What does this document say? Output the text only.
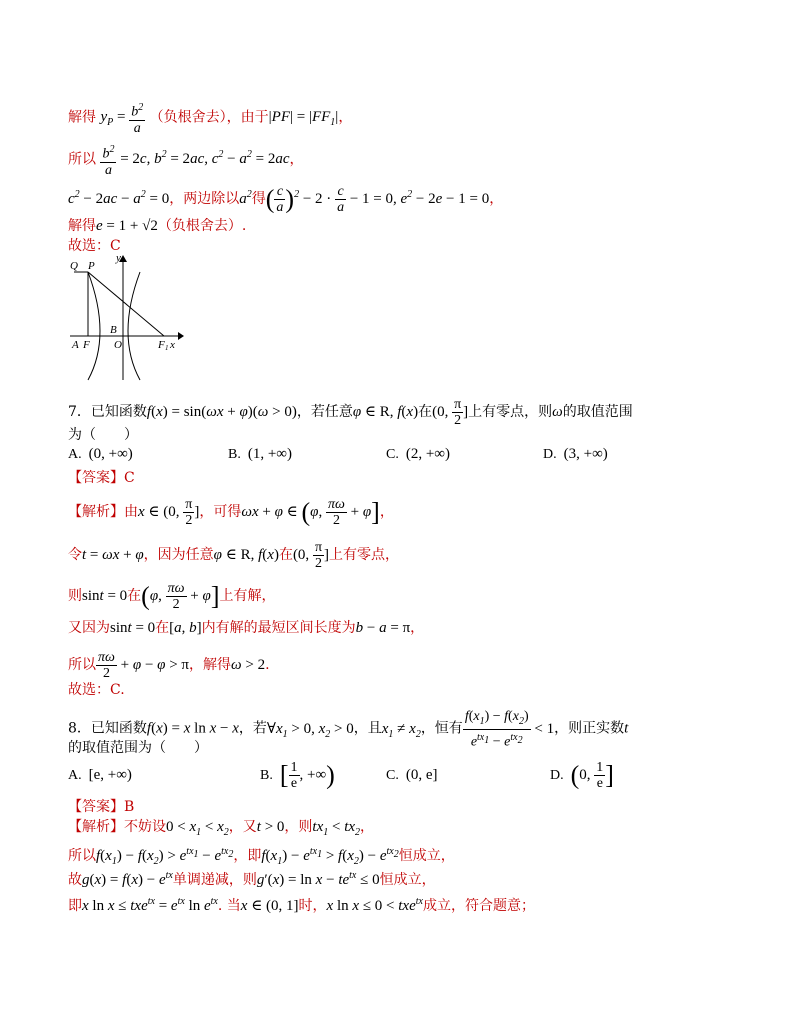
解得 $y_P = \frac{b^2}{a}$ （负根舍去），由于$|PF| = |FF_1|$，
所以 $\frac{b^2}{a} = 2c$, $b^2 = 2ac$, $c^2 - a^2 = 2ac$，
$c^2 - 2ac - a^2 = 0$，两边除以$a^2$得( $\frac{c}{a} )^2 - 2 \cdot \frac{c}{a} - 1 = 0$, $e^2 - 2e - 1 = 0$，
解得e = 1 + √2（负根舍去）.
故选：C
Q P
y
B
A F O	F 1 x
7．已知函数f(x) = sin(ωx + φ)(ω > 0)，若任意φ ∈ R, f(x)在(0, $\frac{\pi}{2}$ ]上有零点，则ω的取值范围
为（　　）
A. (0, +∞)	B. (1, +∞)	C. (2, +∞)	D. (3, +∞)
【答案】C
【解析】由x ∈ (0, $\frac{\pi}{2}$ ]，可得ωx + φ ∈ (φ, $\frac{\pi\omega}{2} + \varphi$]，
令t = ωx + φ，因为任意φ ∈ R, f(x)在(0, $\frac{\pi}{2}$ ]上有零点，
则sint = 0在(φ, $\frac{\pi\omega}{2} + \varphi$]上有解，
又因为sint = 0在[a, b]内有解的最短区间长度为b − a = π，
所以 $\frac{\pi\omega}{2} + \varphi - \varphi > \pi$，解得ω > 2.
故选：C.
8．已知函数f(x) = x ln x − x，若$\forall x_1 > 0$, $x_2 > 0$，且$x_1 \ne x_2$，恒有 $\frac{f(x_1) - f(x_2)}{e^{tx_1} - e^{tx_2}} < 1$，则正实数t
的取值范围为（　　）
A. [e, +∞)	B. [ $\frac{1}{e}$ , +∞)	C. (0, e]	D. (0, $\frac{1}{e}$ ]
【答案】B
【解析】不妨设$0 < x_1 < x_2$，又t > 0，则$tx_1 < tx_2$，
所以$f(x_1) - f(x_2) > e^{tx_1} - e^{tx_2}$，即$f(x_1) - e^{tx_1} > f(x_2) - e^{tx_2}$恒成立，
故$g(x) = f(x) - e^{tx}$单调递减，则$g'(x) = \ln x - te^{tx} \le 0$恒成立，
即x $\ln x \le txe^{tx} = e^{tx}$ $\ln e^{tx}$. 当x ∈ (0, 1]时，x ln x ≤ 0 < txe$^{tx}$成立，符合题意；
